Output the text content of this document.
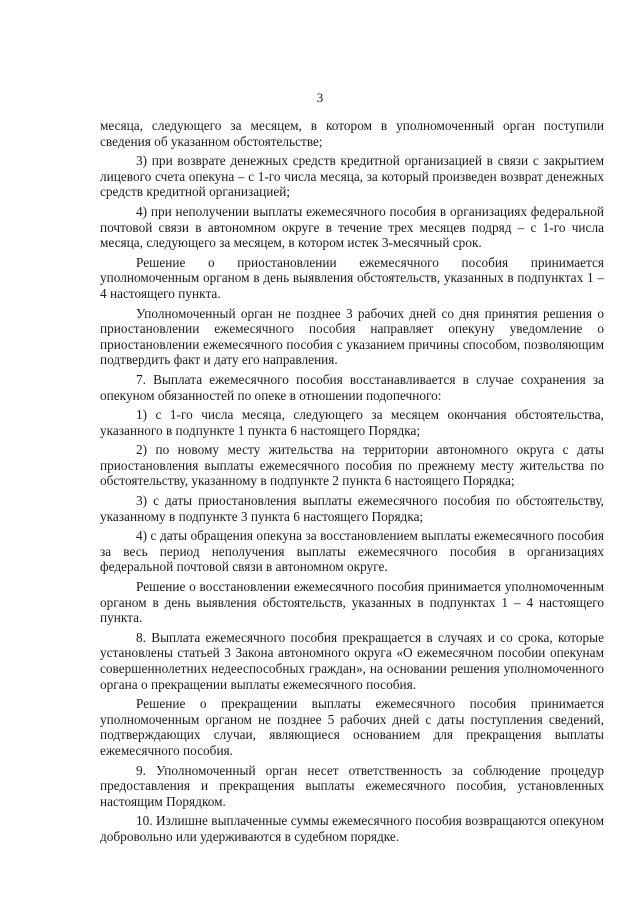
3

месяца, следующего за месяцем, в котором в уполномоченный орган поступили сведения об указанном обстоятельстве;

3) при возврате денежных средств кредитной организацией в связи с закрытием лицевого счета опекуна – с 1-го числа месяца, за который произведен возврат денежных средств кредитной организацией;

4) при неполучении выплаты ежемесячного пособия в организациях федеральной почтовой связи в автономном округе в течение трех месяцев подряд – с 1-го числа месяца, следующего за месяцем, в котором истек 3-месячный срок.

Решение о приостановлении ежемесячного пособия принимается уполномоченным органом в день выявления обстоятельств, указанных в подпунктах 1 – 4 настоящего пункта.

Уполномоченный орган не позднее 3 рабочих дней со дня принятия решения о приостановлении ежемесячного пособия направляет опекуну уведомление о приостановлении ежемесячного пособия с указанием причины способом, позволяющим подтвердить факт и дату его направления.

7. Выплата ежемесячного пособия восстанавливается в случае сохранения за опекуном обязанностей по опеке в отношении подопечного:

1) с 1-го числа месяца, следующего за месяцем окончания обстоятельства, указанного в подпункте 1 пункта 6 настоящего Порядка;

2) по новому месту жительства на территории автономного округа с даты приостановления выплаты ежемесячного пособия по прежнему месту жительства по обстоятельству, указанному в подпункте 2 пункта 6 настоящего Порядка;

3) с даты приостановления выплаты ежемесячного пособия по обстоятельству, указанному в подпункте 3 пункта 6 настоящего Порядка;

4) с даты обращения опекуна за восстановлением выплаты ежемесячного пособия за весь период неполучения выплаты ежемесячного пособия в организациях федеральной почтовой связи в автономном округе.

Решение о восстановлении ежемесячного пособия принимается уполномоченным органом в день выявления обстоятельств, указанных в подпунктах 1 – 4 настоящего пункта.

8. Выплата ежемесячного пособия прекращается в случаях и со срока, которые установлены статьей 3 Закона автономного округа «О ежемесячном пособии опекунам совершеннолетних недееспособных граждан», на основании решения уполномоченного органа о прекращении выплаты ежемесячного пособия.

Решение о прекращении выплаты ежемесячного пособия принимается уполномоченным органом не позднее 5 рабочих дней с даты поступления сведений, подтверждающих случаи, являющиеся основанием для прекращения выплаты ежемесячного пособия.

9. Уполномоченный орган несет ответственность за соблюдение процедур предоставления и прекращения выплаты ежемесячного пособия, установленных настоящим Порядком.

10. Излишне выплаченные суммы ежемесячного пособия возвращаются опекуном добровольно или удерживаются в судебном порядке.
